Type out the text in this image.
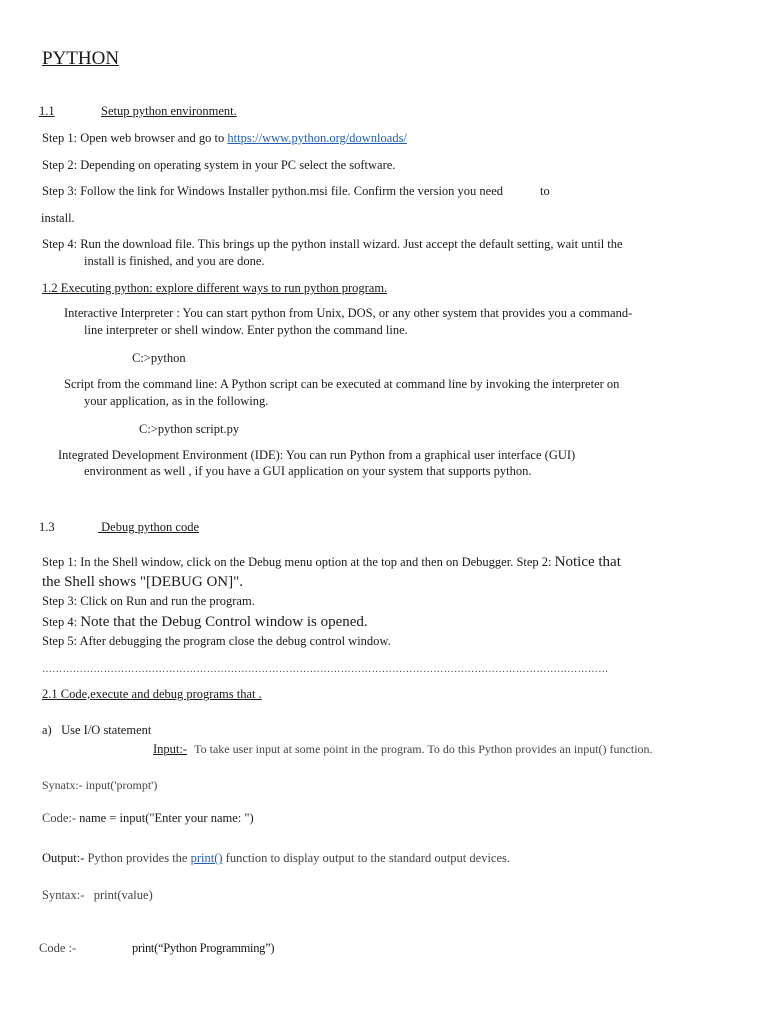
PYTHON
1.1	Setup python environment.
Step 1: Open web browser and go to https://www.python.org/downloads/
Step 2: Depending on operating system in your PC select the software.
Step 3: Follow the link for Windows Installer python.msi file. Confirm the version you need	to
install.
Step 4: Run the download file. This brings up the python install wizard. Just accept the default setting, wait until the
install is finished, and you are done.
1.2 Executing python: explore different ways to run python program.
Interactive Interpreter : You can start python from Unix, DOS, or any other system that provides you a command-
line interpreter or shell window. Enter python the command line.
C:>python
Script from the command line: A Python script can be executed at command line by invoking the interpreter on
your application, as in the following.
C:>python script.py
Integrated Development Environment (IDE): You can run Python from a graphical user interface (GUI)
environment as well , if you have a GUI application on your system that supports python.
1.3	Debug python code
Step 1: In the Shell window, click on the Debug menu option at the top and then on Debugger. Step 2: Notice that
the Shell shows "[DEBUG ON]".
Step 3: Click on Run and run the program.
Step 4: Note that the Debug Control window is opened.
Step 5: After debugging the program close the debug control window.
…………………………………………………………………………………………………………………………………………………
2.1 Code,execute and debug programs that .
a)   Use I/O statement
Input:- To take user input at some point in the program. To do this Python provides an input() function.
Synatx:- input('prompt')
Code:- name = input("Enter your name: ")
Output:- Python provides the print() function to display output to the standard output devices.
Syntax:-   print(value)
Code :-	print(“Python Programming”)
